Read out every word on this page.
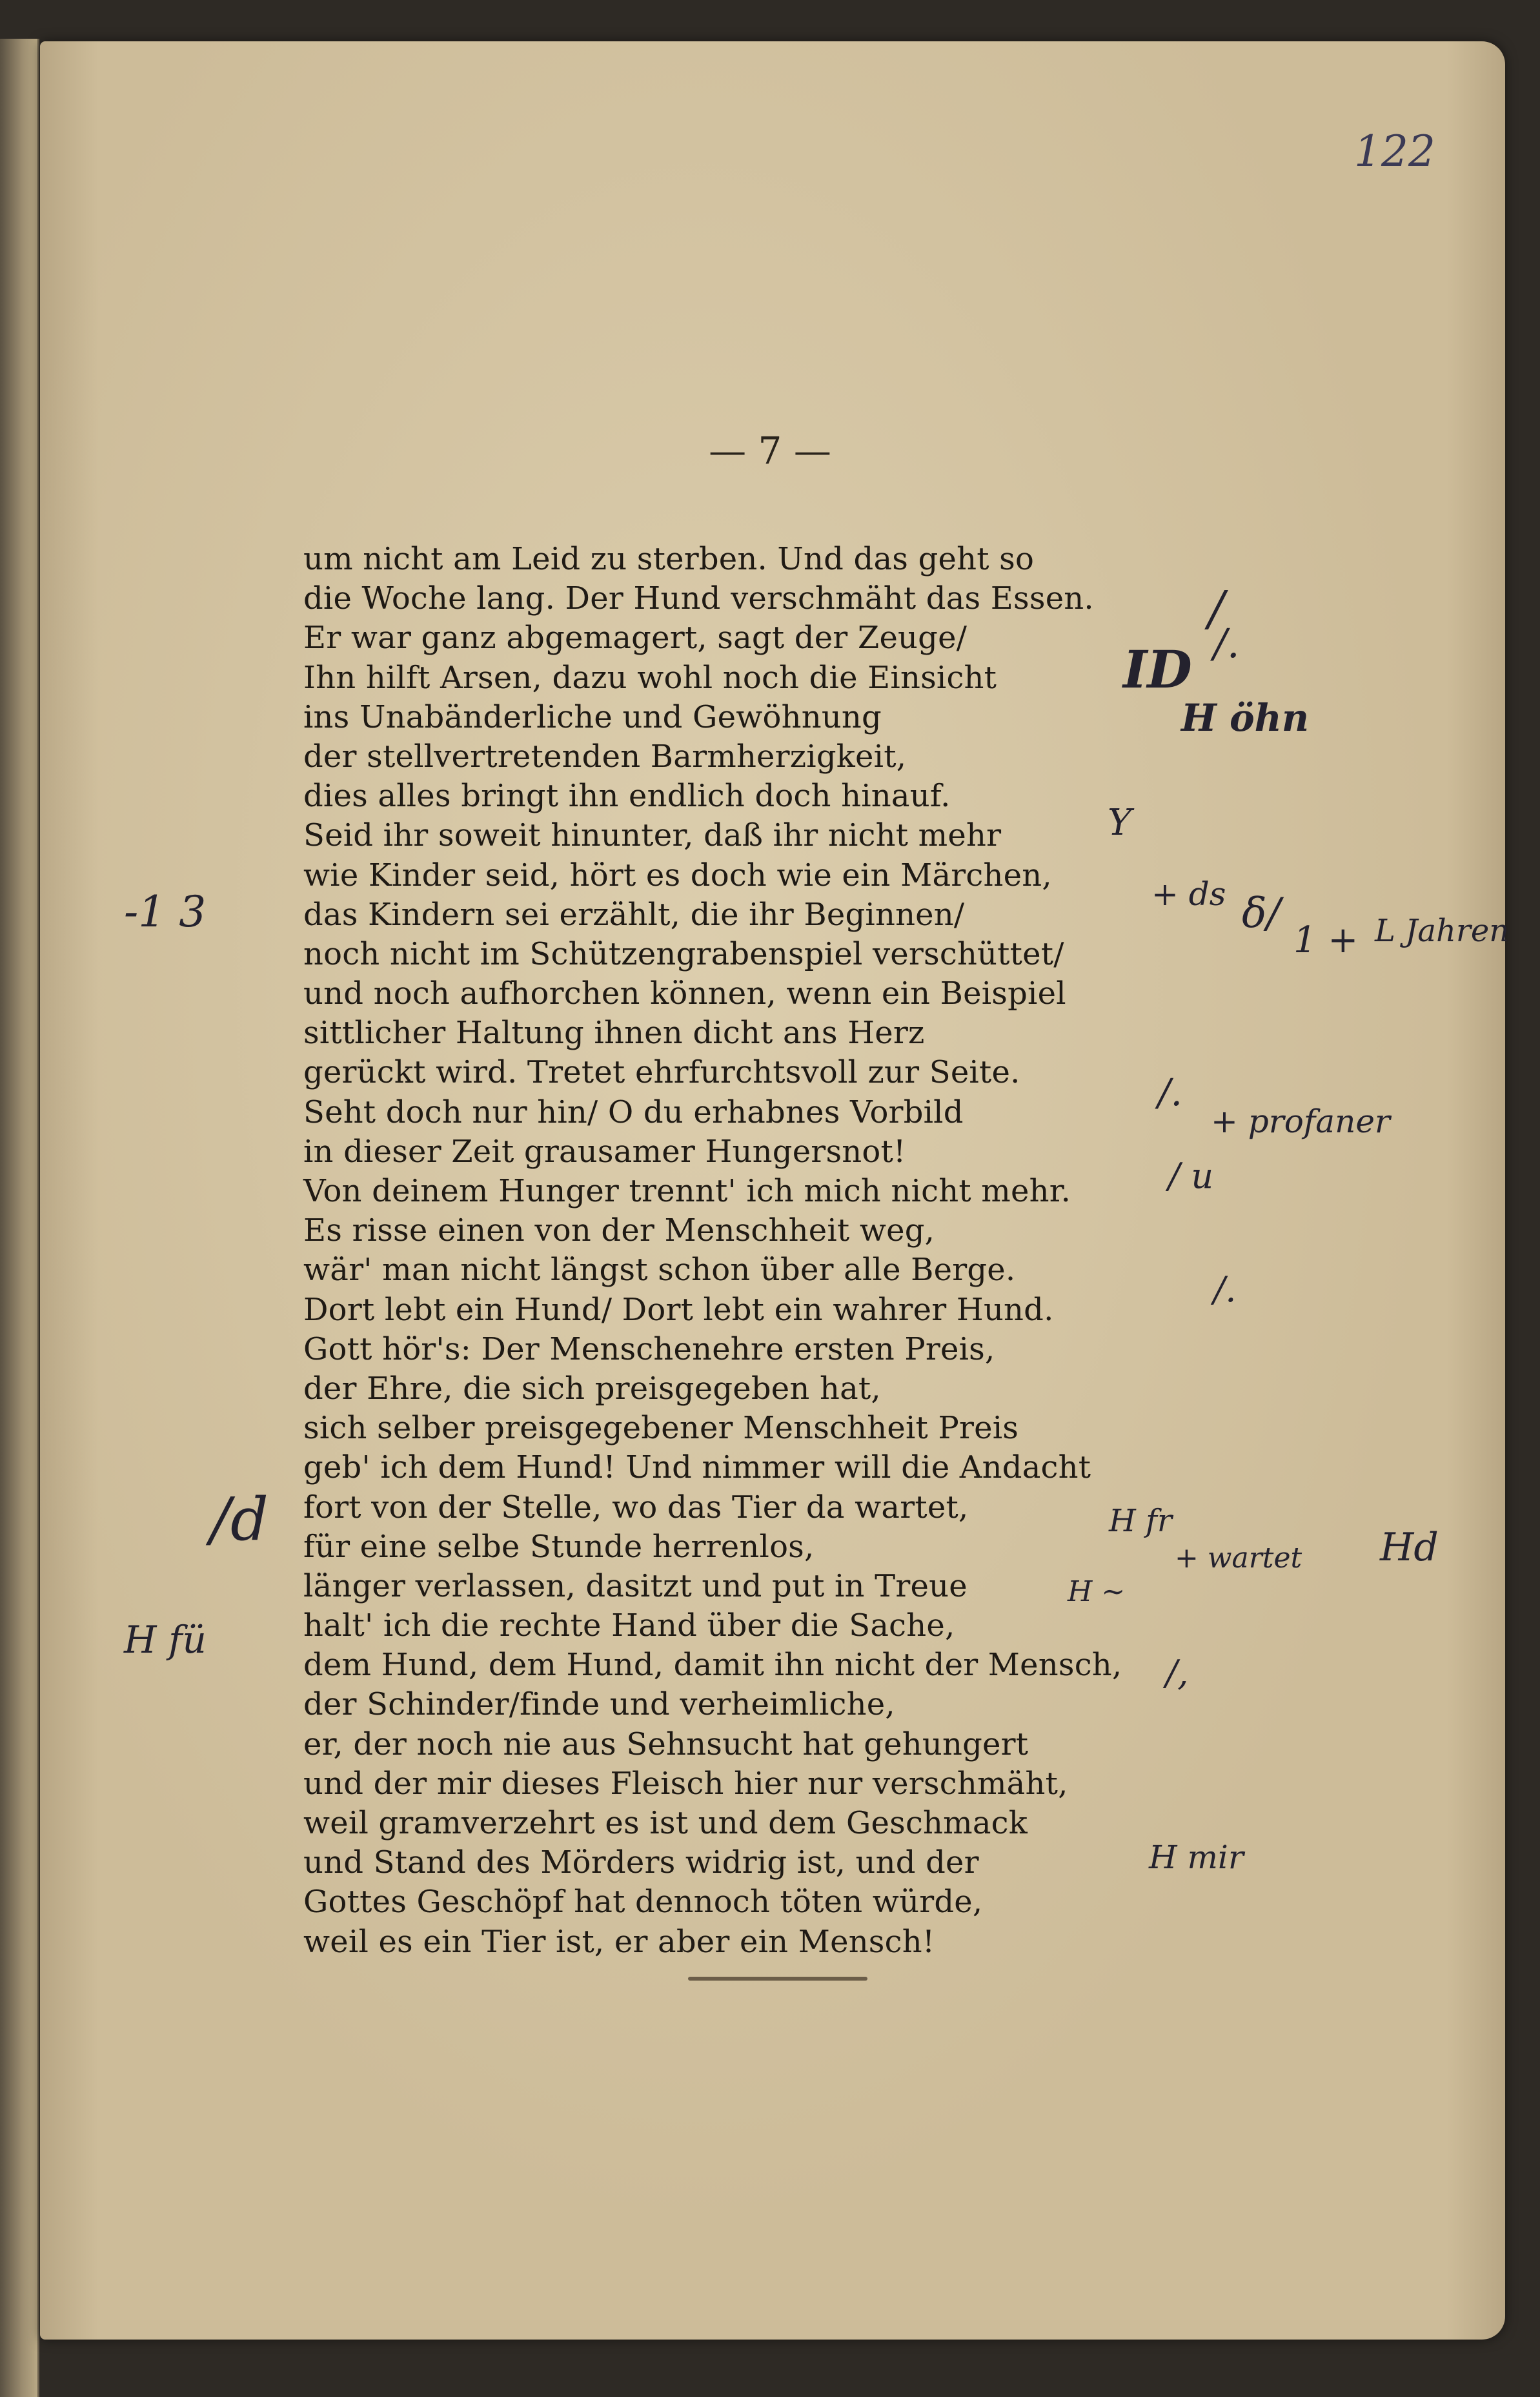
122
— 7 —
um nicht am Leid zu sterben. Und das geht so
die Woche lang. Der Hund verschmäht das Essen.
Er war ganz abgemagert, sagt der Zeuge/
Ihn hilft Arsen, dazu wohl noch die Einsicht
ins Unabänderliche und Gewöhnung
der stellvertretenden Barmherzigkeit,
dies alles bringt ihn endlich doch hinauf.
Seid ihr soweit hinunter, daß ihr nicht mehr
wie Kinder seid, hört es doch wie ein Märchen,
das Kindern sei erzählt, die ihr Beginnen/
noch nicht im Schützengrabenspiel verschüttet/
und noch aufhorchen können, wenn ein Beispiel
sittlicher Haltung ihnen dicht ans Herz
gerückt wird. Tretet ehrfurchtsvoll zur Seite.
Seht doch nur hin/ O du erhabnes Vorbild
in dieser Zeit grausamer Hungersnot!
Von deinem Hunger trennt' ich mich nicht mehr.
Es risse einen von der Menschheit weg,
wär' man nicht längst schon über alle Berge.
Dort lebt ein Hund/ Dort lebt ein wahrer Hund.
Gott hör's: Der Menschenehre ersten Preis,
der Ehre, die sich preisgegeben hat,
sich selber preisgegebener Menschheit Preis
geb' ich dem Hund! Und nimmer will die Andacht
fort von der Stelle, wo das Tier da wartet,
für eine selbe Stunde herrenlos,
länger verlassen, dasitzt und put in Treue
halt' ich die rechte Hand über die Sache,
dem Hund, dem Hund, damit ihn nicht der Mensch,
der Schinder/finde und verheimliche,
er, der noch nie aus Sehnsucht hat gehungert
und der mir dieses Fleisch hier nur verschmäht,
weil gramverzehrt es ist und dem Geschmack
und Stand des Mörders widrig ist, und der
Gottes Geschöpf hat dennoch töten würde,
weil es ein Tier ist, er aber ein Mensch!
/
ID /.
H öhn
Y
+ ds δ/
1 + L Jahren
-1 3
/.
+ profaner
/ u
/.
H fr
+ wartet Hd
/d
H ~
H fü
/,
H mir
